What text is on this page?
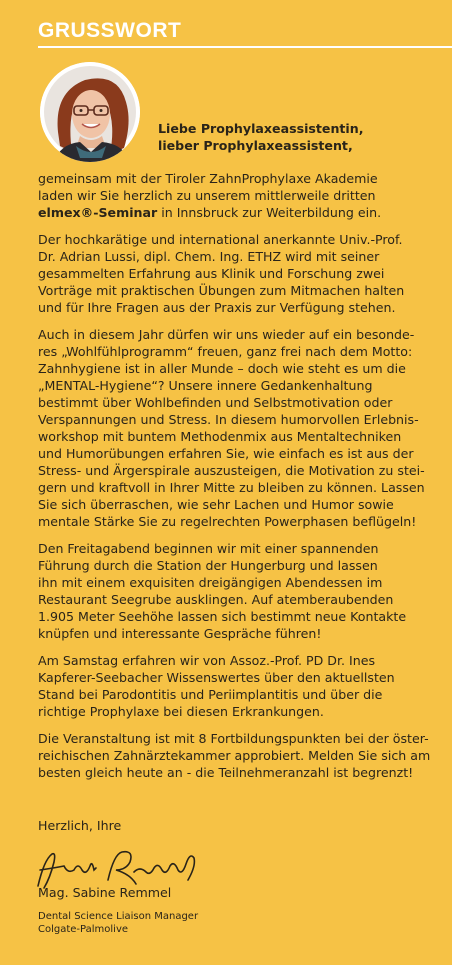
GRUSSWORT
Liebe Prophylaxeassistentin,
lieber Prophylaxeassistent,

gemeinsam mit der Tiroler ZahnProphylaxe Akademie
laden wir Sie herzlich zu unserem mittlerweile dritten
elmex®-Seminar in Innsbruck zur Weiterbildung ein.

Der hochkarätige und international anerkannte Univ.-Prof.
Dr. Adrian Lussi, dipl. Chem. Ing. ETHZ wird mit seiner
gesammelten Erfahrung aus Klinik und Forschung zwei
Vorträge mit praktischen Übungen zum Mitmachen halten
und für Ihre Fragen aus der Praxis zur Verfügung stehen.

Auch in diesem Jahr dürfen wir uns wieder auf ein besonde-
res „Wohlfühlprogramm“ freuen, ganz frei nach dem Motto:
Zahnhygiene ist in aller Munde – doch wie steht es um die
„MENTAL-Hygiene“? Unsere innere Gedankenhaltung
bestimmt über Wohlbefinden und Selbstmotivation oder
Verspannungen und Stress. In diesem humorvollen Erlebnis-
workshop mit buntem Methodenmix aus Mentaltechniken
und Humorübungen erfahren Sie, wie einfach es ist aus der
Stress- und Ärgerspirale auszusteigen, die Motivation zu stei-
gern und kraftvoll in Ihrer Mitte zu bleiben zu können. Lassen
Sie sich überraschen, wie sehr Lachen und Humor sowie
mentale Stärke Sie zu regelrechten Powerphasen beflügeln!

Den Freitagabend beginnen wir mit einer spannenden
Führung durch die Station der Hungerburg und lassen
ihn mit einem exquisiten dreigängigen Abendessen im
Restaurant Seegrube ausklingen. Auf atemberaubenden
1.905 Meter Seehöhe lassen sich bestimmt neue Kontakte
knüpfen und interessante Gespräche führen!

Am Samstag erfahren wir von Assoz.-Prof. PD Dr. Ines
Kapferer-Seebacher Wissenswertes über den aktuellsten
Stand bei Parodontitis und Periimplantitis und über die
richtige Prophylaxe bei diesen Erkrankungen.

Die Veranstaltung ist mit 8 Fortbildungspunkten bei der öster-
reichischen Zahnärztekammer approbiert. Melden Sie sich am
besten gleich heute an - die Teilnehmeranzahl ist begrenzt!

Herzlich, Ihre
Mag. Sabine Remmel
Dental Science Liaison Manager
Colgate-Palmolive
